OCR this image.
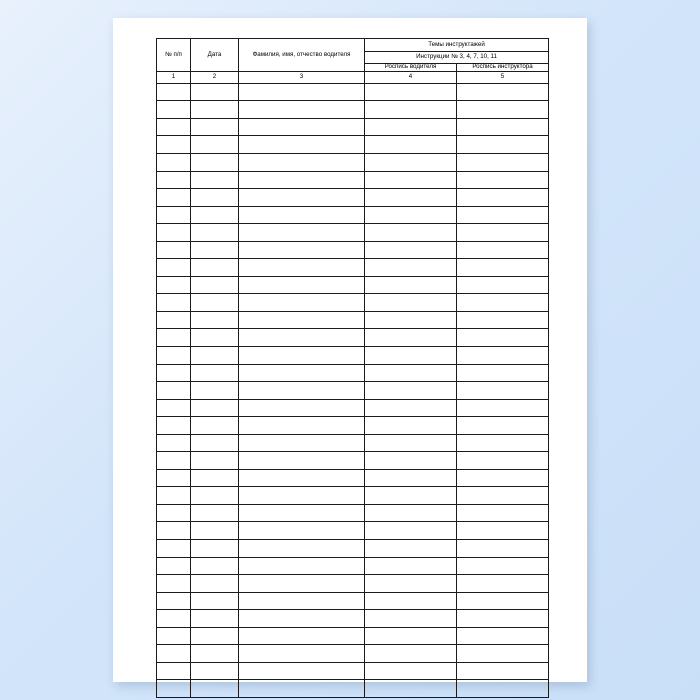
№ п/п	Дата	Фамилия, имя, отчество водителя	Темы инструктажей	
			Инструкции № 3, 4, 7, 10, 11	
			Роспись водителя	Роспись инструктора
1	2	3	4	5
